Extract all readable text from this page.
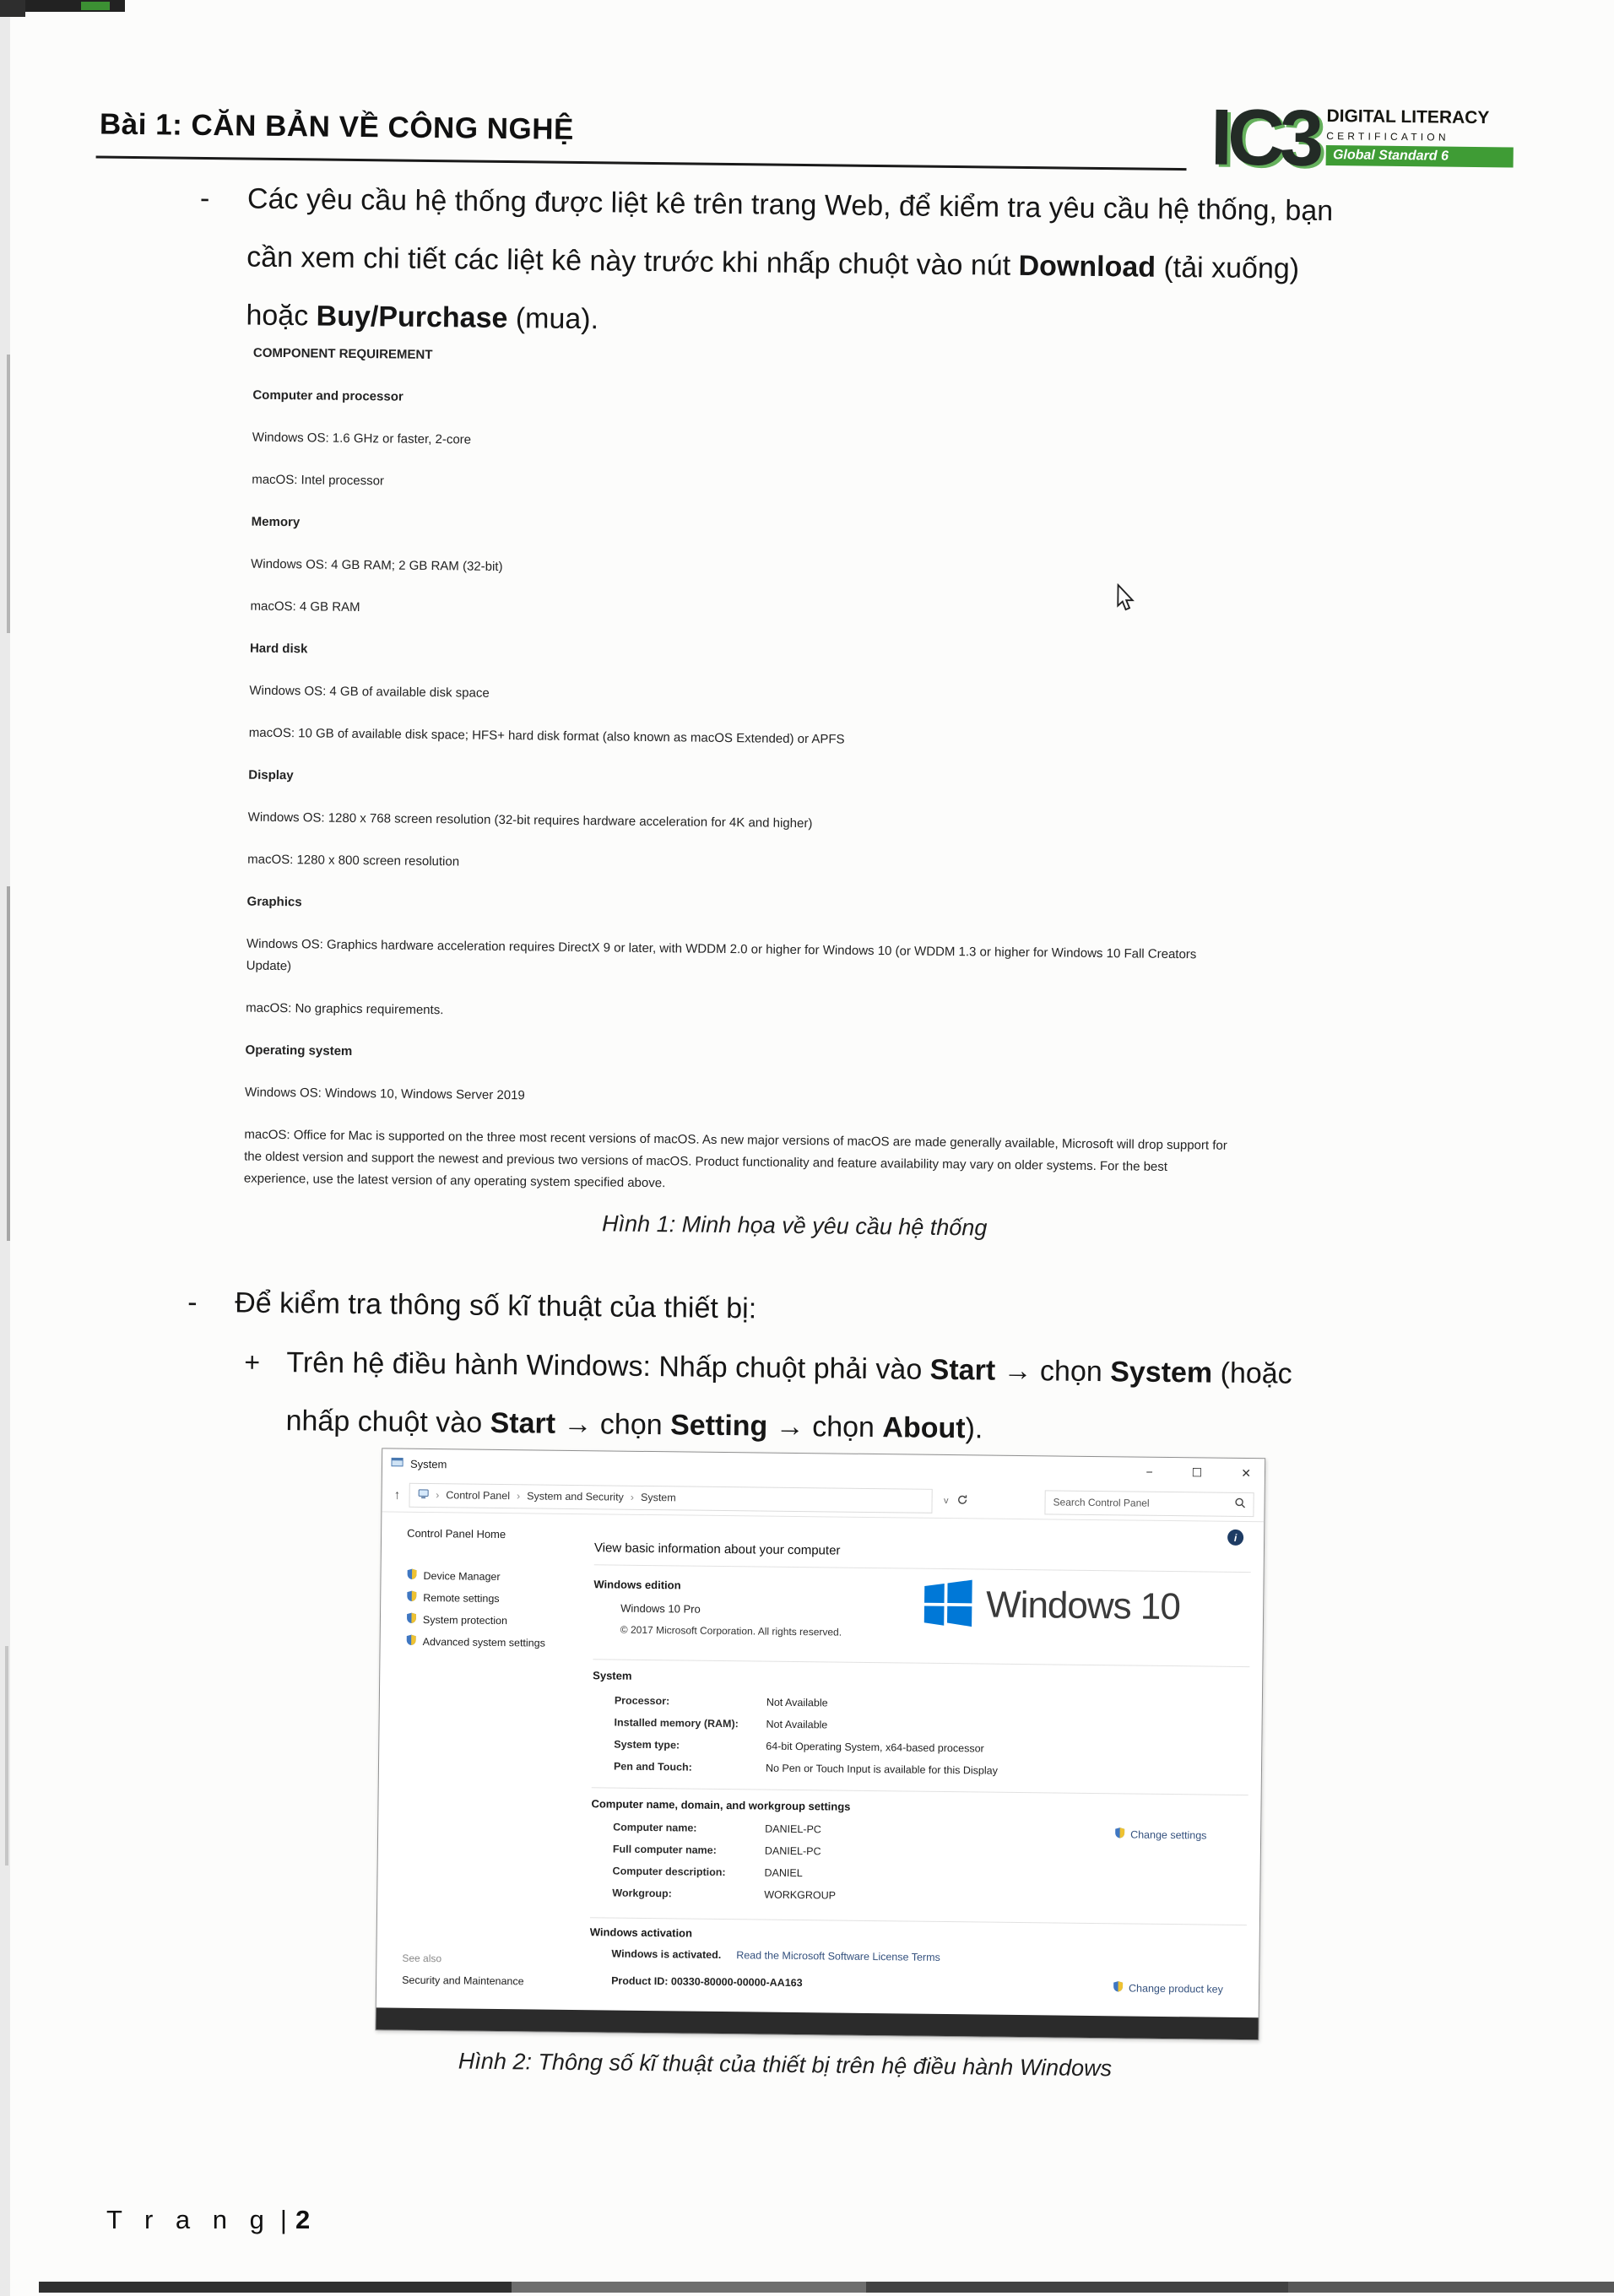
Bài 1: CĂN BẢN VỀ CÔNG NGHỆ	IC3 DIGITAL LITERACY
CERTIFICATION
Global Standard 6
-	Các yêu cầu hệ thống được liệt kê trên trang Web, để kiểm tra yêu cầu hệ thống, bạn
cần xem chi tiết các liệt kê này trước khi nhấp chuột vào nút Download (tải xuống)
hoặc Buy/Purchase (mua).
COMPONENT REQUIREMENT
Computer and processor
Windows OS: 1.6 GHz or faster, 2-core
macOS: Intel processor
Memory
Windows OS: 4 GB RAM; 2 GB RAM (32-bit)
macOS: 4 GB RAM
Hard disk
Windows OS: 4 GB of available disk space
macOS: 10 GB of available disk space; HFS+ hard disk format (also known as macOS Extended) or APFS
Display
Windows OS: 1280 x 768 screen resolution (32-bit requires hardware acceleration for 4K and higher)
macOS: 1280 x 800 screen resolution
Graphics
Windows OS: Graphics hardware acceleration requires DirectX 9 or later, with WDDM 2.0 or higher for Windows 10 (or WDDM 1.3 or higher for Windows 10 Fall Creators
Update)
macOS: No graphics requirements.
Operating system
Windows OS: Windows 10, Windows Server 2019
macOS: Office for Mac is supported on the three most recent versions of macOS. As new major versions of macOS are made generally available, Microsoft will drop support for
the oldest version and support the newest and previous two versions of macOS. Product functionality and feature availability may vary on older systems. For the best
experience, use the latest version of any operating system specified above.
Hình 1: Minh họa về yêu cầu hệ thống
-	Để kiểm tra thông số kĩ thuật của thiết bị:
+ Trên hệ điều hành Windows: Nhấp chuột phải vào Start → chọn System (hoặc
nhấp chuột vào Start → chọn Setting → chọn About).
System
−	☐	✕
↑	› Control Panel › System and Security › System	v	Search Control Panel
i
Control Panel Home
Device Manager
Remote settings
System protection
Advanced system settings
See also
Security and Maintenance
View basic information about your computer
Windows edition
Windows 10 Pro
© 2017 Microsoft Corporation. All rights reserved.
Windows 10
System
Processor:	Not Available
Installed memory (RAM):	Not Available
System type:	64-bit Operating System, x64-based processor
Pen and Touch:	No Pen or Touch Input is available for this Display
Computer name, domain, and workgroup settings
Computer name:	DANIEL-PC
Full computer name:	DANIEL-PC
Computer description:	DANIEL
Workgroup:	WORKGROUP
Change settings
Windows activation
Windows is activated. Read the Microsoft Software License Terms
Product ID: 00330-80000-00000-AA163	Change product key
Hình 2: Thông số kĩ thuật của thiết bị trên hệ điều hành Windows
T r a n g | 2
